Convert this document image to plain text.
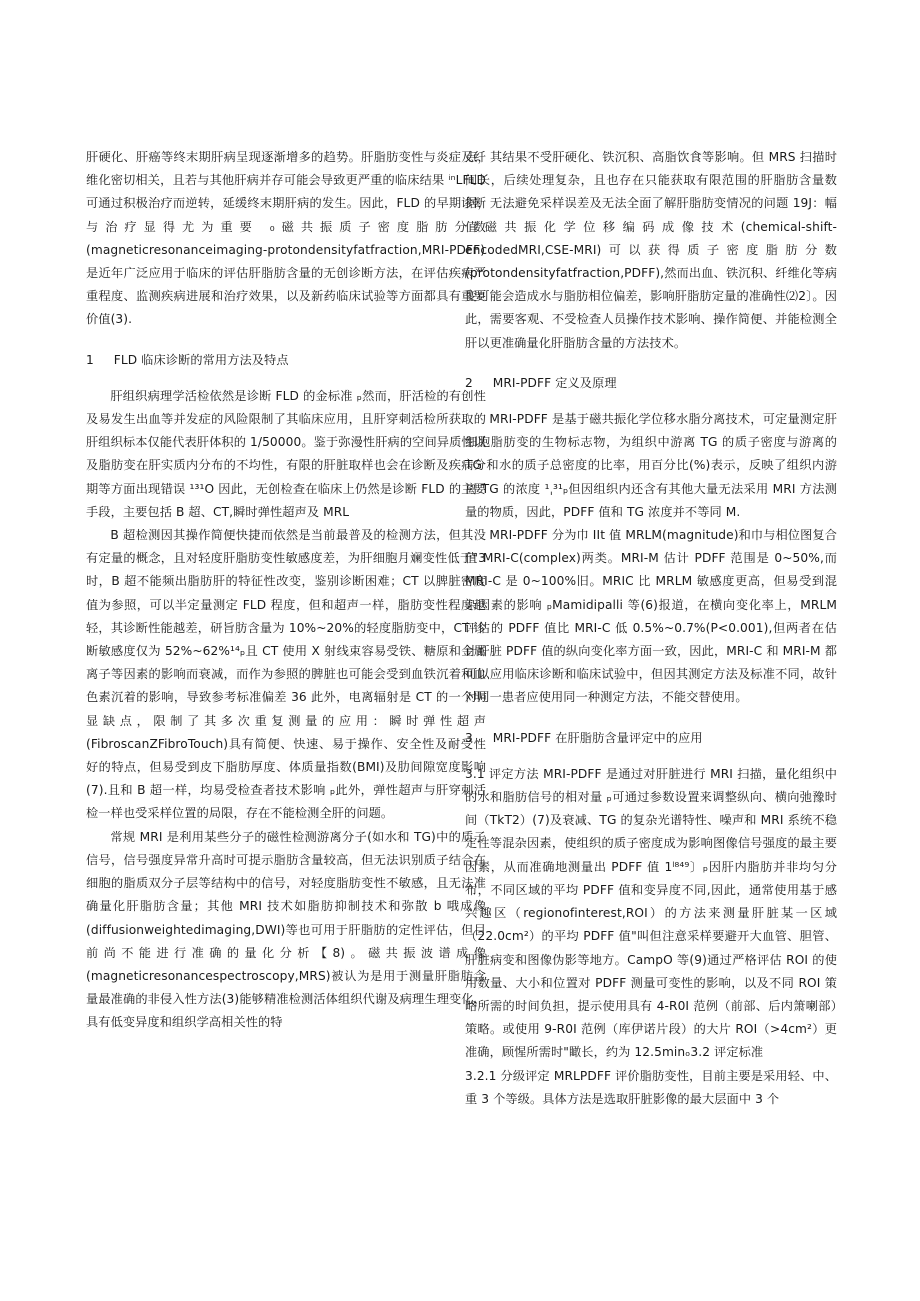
肝硬化、肝癌等终末期肝病呈现逐渐增多的趋势。肝脂肪变性与炎症及纤维化密切相关，且若与其他肝病并存可能会导致更严重的临床结果 ⁱⁿLFLD 可通过积极治疗而逆转，延缓终末期肝病的发生。因此，FLD 的早期诊断与治疗显得尤为重要 ₀磁共振质子密度脂肪分数(magneticresonanceimaging-protondensityfatfraction,MRI-PDFF)是近年广泛应用于临床的评估肝脂肪含量的无创诊断方法，在评估疾病严重程度、监测疾病进展和治疗效果，以及新药临床试验等方面都具有重要价值(3).

1     FLD 临床诊断的常用方法及特点

肝组织病理学活检依然是诊断 FLD 的金标准 ₚ然而，肝活检的有创性及易发生出血等并发症的风险限制了其临床应用，且肝穿刺活检所获取的肝组织标本仅能代表肝体积的 1/50000。鉴于弥漫性肝病的空间异质性以及脂肪变在肝实质内分布的不均性，有限的肝脏取样也会在诊断及疾病分期等方面出现错误 ¹³¹O 因此，无创检查在临床上仍然是诊断 FLD 的主要手段，主要包括 B 超、CT,瞬时弹性超声及 MRL

B 超检测因其操作简便快捷而依然是当前最普及的检测方法，但其没有定量的概念，且对轻度肝脂肪变性敏感度差，为肝细胞月斓变性低于"3 时，B 超不能频出脂肪肝的特征性改变，鉴别诊断困难；CT 以脾脏密度值为参照，可以半定量测定 FLD 程度，但和超声一样，脂肪变性程度越轻，其诊断性能越差，研旨肪含量为 10%~20%的轻度脂肪变中，CT 诊断敏感度仅为 52%~62%¹⁴ₚ且 CT 使用 X 射线束容易受铁、糖原和金属离子等因素的影响而衰减，而作为参照的脾脏也可能会受到血铁沉着和血色素沉着的影响，导致参考标准偏差 36 此外，电离辐射是 CT 的一个明显缺点，限制了其多次重复测量的应用：瞬时弹性超声(FibroscanZFibroTouch)具有简便、快速、易于操作、安全性及耐受性好的特点，但易受到皮下脂肪厚度、体质量指数(BMI)及肋间隙宽度影响(7).且和 B 超一样，均易受检查者技术影响 ₚ此外，弹性超声与肝穿刺活检一样也受采样位置的局限，存在不能检测全肝的问题。

常规 MRI 是利用某些分子的磁性检测游离分子(如水和 TG)中的质子信号，信号强度异常升高时可提示脂肪含量较高，但无法识别质子结合在细胞的脂质双分子层等结构中的信号，对轻度脂肪变性不敏感，且无法准确量化肝脂肪含量；其他 MRI 技术如脂肪抑制技术和弥散 b 哦成像(diffusionweightedimaging,DWI)等也可用于肝脂肪的定性评估，但目前尚不能进行准确的量化分析【8)。磁共振波谱成像(magneticresonancespectroscopy,MRS)被认为是用于测量肝脂肪含量最准确的非侵入性方法(3)能够精准检测活体组织代谢及病理生理变化，具有低变异度和组织学高相关性的特

点，其结果不受肝硬化、铁沉积、高脂饮食等影响。但 MRS 扫描时间长，后续处理复杂，且也存在只能获取有限范围的肝脂肪含量数据，无法避免采样误差及无法全面了解肝脂肪变情况的问题 19J：幅值磁共振化学位移编码成像技术(chemical-shift-encodedMRI,CSE-MRI)可以获得质子密度脂肪分数(protondensityfatfraction,PDFF),然而出血、铁沉积、纤维化等病变可能会造成水与脂肪相位偏差，影响肝脂肪定量的准确性⑵2〕。因此，需要客观、不受检查人员操作技术影响、操作简便、并能检测全肝以更准确量化肝脂肪含量的方法技术。

2     MRI-PDFF 定义及原理

MRI-PDFF 是基于磁共振化学位移水脂分离技术，可定量测定肝细胞脂肪变的生物标志物，为组织中游离 TG 的质子密度与游离的 TG 和水的质子总密度的比率，用百分比(%)表示，反映了组织内游离 TG 的浓度 ¹ˌ³¹ₚ但因组织内还含有其他大量无法采用 MRI 方法测量的物质，因此，PDFF 值和 TG 浓度并不等同 M.

MRI-PDFF 分为巾 IIt 值 MRLM(magnitude)和巾与相位图复合值 MRI-C(complex)两类。MRI-M 估计 PDFF 范围是 0~50%,而 MRI-C 是 0~100%旧。MRIC 比 MRLM 敏感度更高，但易受到混杂因素的影响 ₚMamidipalli 等(6)报道，在横向变化率上，MRLM 评估的 PDFF 值比 MRI-C 低 0.5%~0.7%(P<0.001),但两者在估计肝脏 PDFF 值的纵向变化率方面一致，因此，MRI-C 和 MRI-M 都可以应用临床诊断和临床试验中，但因其测定方法及标准不同，故针对同一患者应使用同一种测定方法，不能交替使用。

3     MRI-PDFF 在肝脂肪含量评定中的应用

3.1 评定方法 MRI-PDFF 是通过对肝脏进行 MRI 扫描，量化组织中的水和脂肪信号的相对量 ₚ可通过参数设置来调整纵向、横向弛豫时间（TkT2）(7)及衰减、TG 的复杂光谱特性、噪声和 MRI 系统不稳定性等混杂因素，使组织的质子密度成为影响图像信号强度的最主要因素，从而准确地测量出 PDFF 值 1ˡ⁸⁴⁹〕ₚ因肝内脂肪并非均匀分布，不同区域的平均 PDFF 值和变异度不同,因此，通常使用基于感兴趣区（regionofinterest,ROI）的方法来测量肝脏某一区域（22.0cm²）的平均 PDFF 值"叫但注意采样要避开大血管、胆管、肝脏病变和图像伪影等地方。CampO 等(9)通过严格评估 ROI 的使用数量、大小和位置对 PDFF 测量可变性的影响，以及不同 ROI 策略所需的时间负担，提示使用具有 4-R0I 范例（前部、后内箫喇部）策略。或使用 9-R0I 范例（库伊诺片段）的大片 ROI（>4cm²）更准确，顾惺所需时"瞰长，约为 12.5minₒ3.2 评定标准

3.2.1 分级评定 MRLPDFF 评价脂肪变性，目前主要是采用轻、中、重 3 个等级。具体方法是选取肝脏影像的最大层面中 3 个
